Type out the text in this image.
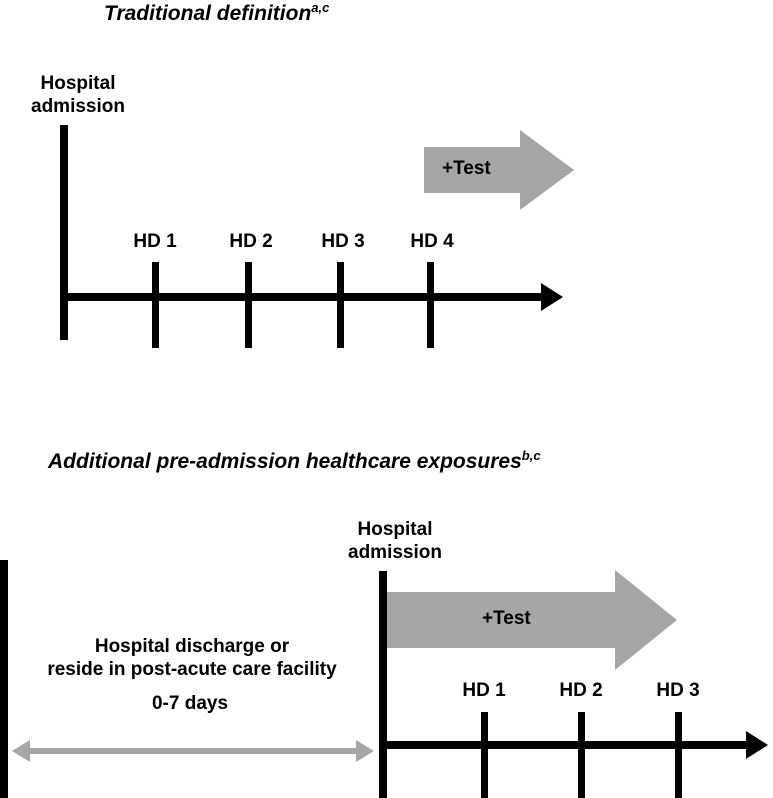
Traditional definition$^{a,c}$
Hospital
admission
+Test
HD 1	HD 2	HD 3	HD 4
Additional pre-admission healthcare exposures$^{b,c}$
Hospital
admission
+Test
Hospital discharge or
reside in post-acute care facility
0-7 days
HD 1	HD 2	HD 3
